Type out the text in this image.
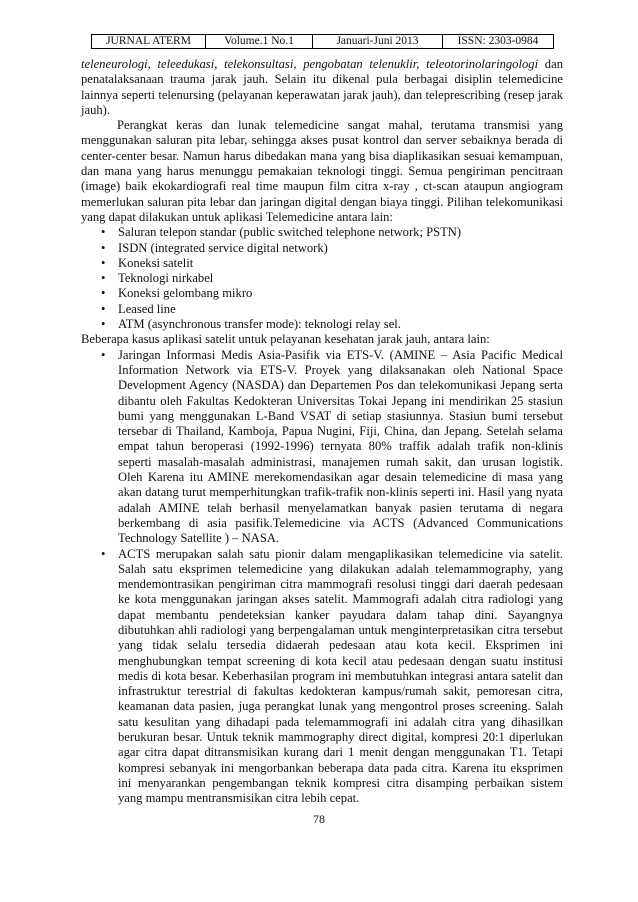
JURNAL ATERM	Volume.1 No.1	Januari-Juni 2013	ISSN: 2303-0984

teleneurologi, teleedukasi, telekonsultasi, pengobatan telenuklir, teleotorinolaringologi dan penatalaksanaan trauma jarak jauh. Selain itu dikenal pula berbagai disiplin telemedicine lainnya seperti telenursing (pelayanan keperawatan jarak jauh), dan teleprescribing (resep jarak jauh).

Perangkat keras dan lunak telemedicine sangat mahal, terutama transmisi yang menggunakan saluran pita lebar, sehingga akses pusat kontrol dan server sebaiknya berada di center-center besar. Namun harus dibedakan mana yang bisa diaplikasikan sesuai kemampuan, dan mana yang harus menunggu pemakaian teknologi tinggi. Semua pengiriman pencitraan (image) baik ekokardiografi real time maupun film citra x-ray , ct-scan ataupun angiogram memerlukan saluran pita lebar dan jaringan digital dengan biaya tinggi. Pilihan telekomunikasi yang dapat dilakukan untuk aplikasi Telemedicine antara lain:

• Saluran telepon standar (public switched telephone network; PSTN)
• ISDN (integrated service digital network)
• Koneksi satelit
• Teknologi nirkabel
• Koneksi gelombang mikro
• Leased line
• ATM (asynchronous transfer mode): teknologi relay sel.

Beberapa kasus aplikasi satelit untuk pelayanan kesehatan jarak jauh, antara lain:

• Jaringan Informasi Medis Asia-Pasifik via ETS-V. (AMINE – Asia Pacific Medical Information Network via ETS-V. Proyek yang dilaksanakan oleh National Space Development Agency (NASDA) dan Departemen Pos dan telekomunikasi Jepang serta dibantu oleh Fakultas Kedokteran Universitas Tokai Jepang ini mendirikan 25 stasiun bumi yang menggunakan L-Band VSAT di setiap stasiunnya. Stasiun bumi tersebut tersebar di Thailand, Kamboja, Papua Nugini, Fiji, China, dan Jepang. Setelah selama empat tahun beroperasi (1992-1996) ternyata 80% traffik adalah trafik non-klinis seperti masalah-masalah administrasi, manajemen rumah sakit, dan urusan logistik. Oleh Karena itu AMINE merekomendasikan agar desain telemedicine di masa yang akan datang turut memperhitungkan trafik-trafik non-klinis seperti ini. Hasil yang nyata adalah AMINE telah berhasil menyelamatkan banyak pasien terutama di negara berkembang di asia pasifik.Telemedicine via ACTS (Advanced Communications Technology Satellite ) – NASA.
• ACTS merupakan salah satu pionir dalam mengaplikasikan telemedicine via satelit. Salah satu eksprimen telemedicine yang dilakukan adalah telemammography, yang mendemontrasikan pengiriman citra mammografi resolusi tinggi dari daerah pedesaan ke kota menggunakan jaringan akses satelit. Mammografi adalah citra radiologi yang dapat membantu pendeteksian kanker payudara dalam tahap dini. Sayangnya dibutuhkan ahli radiologi yang berpengalaman untuk menginterpretasikan citra tersebut yang tidak selalu tersedia didaerah pedesaan atau kota kecil. Eksprimen ini menghubungkan tempat screening di kota kecil atau pedesaan dengan suatu institusi medis di kota besar. Keberhasilan program ini membutuhkan integrasi antara satelit dan infrastruktur terestrial di fakultas kedokteran kampus/rumah sakit, pemoresan citra, keamanan data pasien, juga perangkat lunak yang mengontrol proses screening. Salah satu kesulitan yang dihadapi pada telemammografi ini adalah citra yang dihasilkan berukuran besar. Untuk teknik mammography direct digital, kompresi 20:1 diperlukan agar citra dapat ditransmisikan kurang dari 1 menit dengan menggunakan T1. Tetapi kompresi sebanyak ini mengorbankan beberapa data pada citra. Karena itu eksprimen ini menyarankan pengembangan teknik kompresi citra disamping perbaikan sistem yang mampu mentransmisikan citra lebih cepat.
78
